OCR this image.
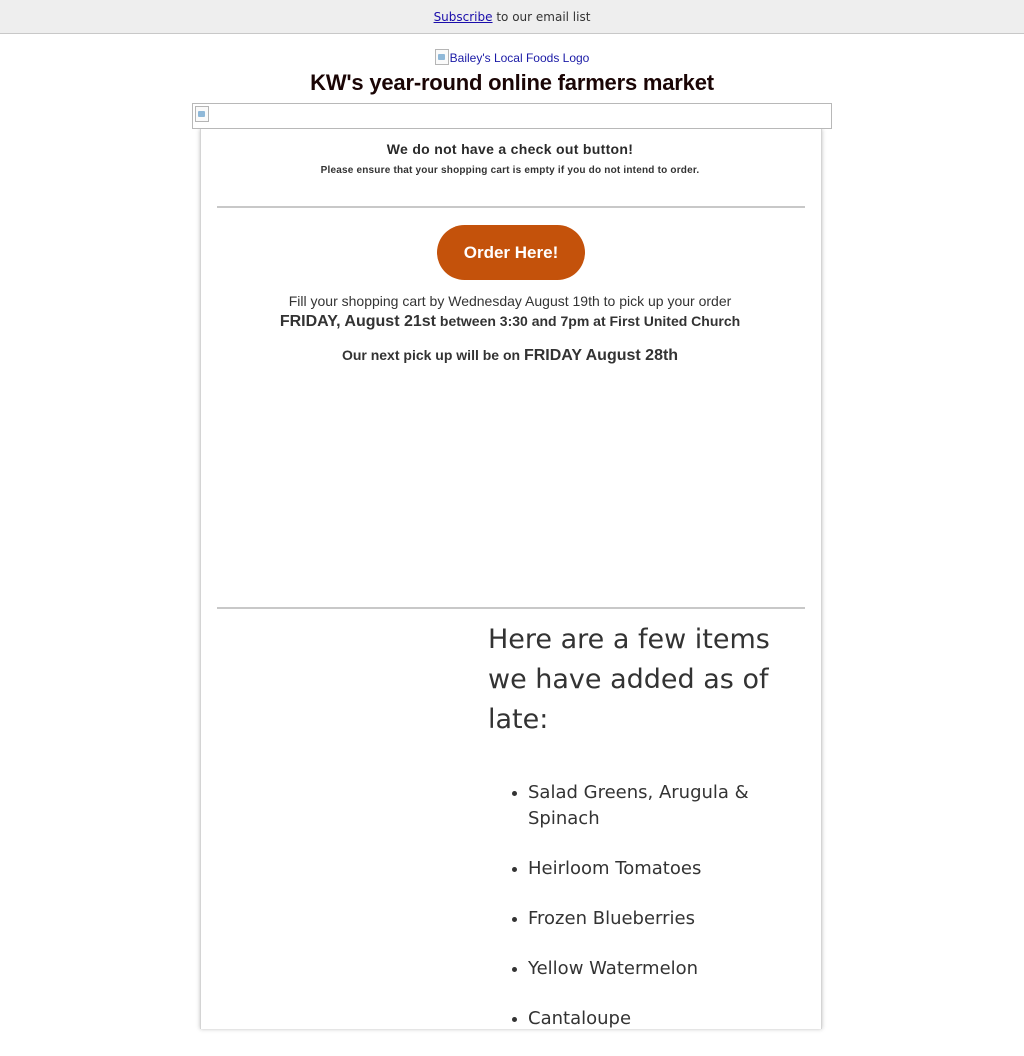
Subscribe to our email list
Bailey's Local Foods Logo
KW's year-round online farmers market
We do not have a check out button!
Please ensure that your shopping cart is empty if you do not intend to order.
Order Here!
Fill your shopping cart by Wednesday August 19th to pick up your order
FRIDAY, August 21st between 3:30 and 7pm at First United Church
Our next pick up will be on FRIDAY August 28th
Here are a few items we have added as of late:
Salad Greens, Arugula & Spinach
Heirloom Tomatoes
Frozen Blueberries
Yellow Watermelon
Cantaloupe
